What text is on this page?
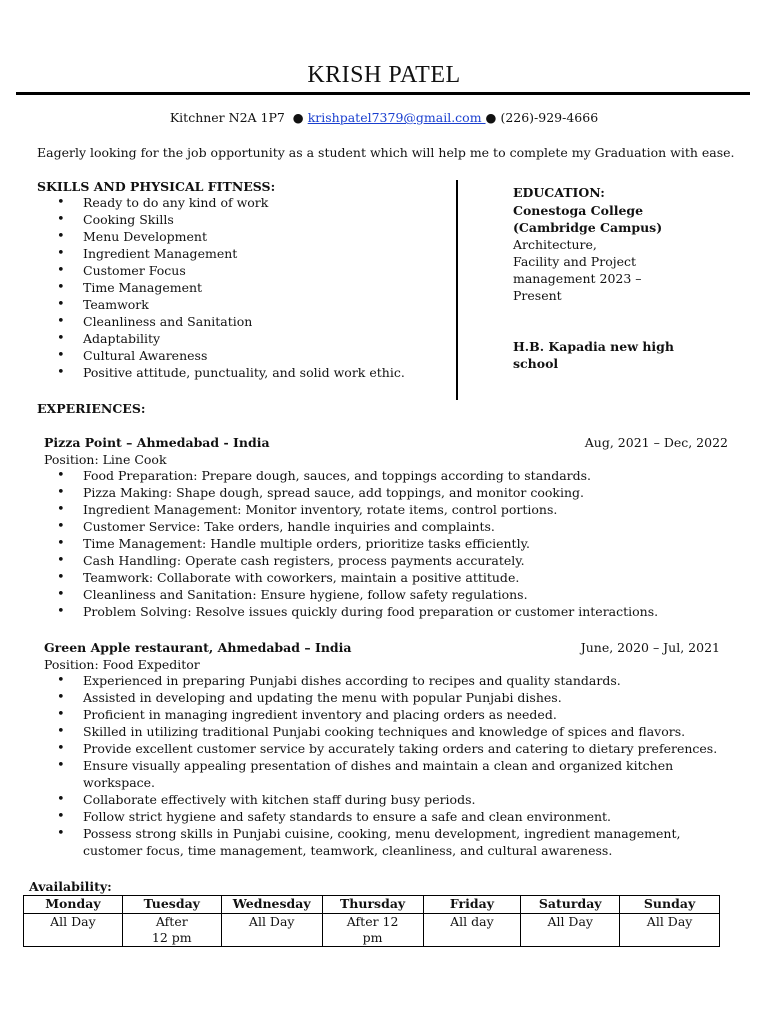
KRISH PATEL
Kitchner N2A 1P7 ● krishpatel7379@gmail.com ● (226)-929-4666
Eagerly looking for the job opportunity as a student which will help me to complete my Graduation with ease.
SKILLS AND PHYSICAL FITNESS:
• Ready to do any kind of work
• Cooking Skills
• Menu Development
• Ingredient Management
• Customer Focus
• Time Management
• Teamwork
• Cleanliness and Sanitation
• Adaptability
• Cultural Awareness
• Positive attitude, punctuality, and solid work ethic.
EDUCATION:
Conestoga College (Cambridge Campus)
Architecture,
Facility and Project
management 2023 –
Present
H.B. Kapadia new high school
EXPERIENCES:
Pizza Point – Ahmedabad - India	Aug, 2021 – Dec, 2022
Position: Line Cook
• Food Preparation: Prepare dough, sauces, and toppings according to standards.
• Pizza Making: Shape dough, spread sauce, add toppings, and monitor cooking.
• Ingredient Management: Monitor inventory, rotate items, control portions.
• Customer Service: Take orders, handle inquiries and complaints.
• Time Management: Handle multiple orders, prioritize tasks efficiently.
• Cash Handling: Operate cash registers, process payments accurately.
• Teamwork: Collaborate with coworkers, maintain a positive attitude.
• Cleanliness and Sanitation: Ensure hygiene, follow safety regulations.
• Problem Solving: Resolve issues quickly during food preparation or customer interactions.
Green Apple restaurant, Ahmedabad – India	June, 2020 – Jul, 2021
Position: Food Expeditor
• Experienced in preparing Punjabi dishes according to recipes and quality standards.
• Assisted in developing and updating the menu with popular Punjabi dishes.
• Proficient in managing ingredient inventory and placing orders as needed.
• Skilled in utilizing traditional Punjabi cooking techniques and knowledge of spices and flavors.
• Provide excellent customer service by accurately taking orders and catering to dietary preferences.
• Ensure visually appealing presentation of dishes and maintain a clean and organized kitchen workspace.
• Collaborate effectively with kitchen staff during busy periods.
• Follow strict hygiene and safety standards to ensure a safe and clean environment.
• Possess strong skills in Punjabi cuisine, cooking, menu development, ingredient management, customer focus, time management, teamwork, cleanliness, and cultural awareness.
Availability:
Monday	Tuesday	Wednesday	Thursday	Friday	Saturday	Sunday
All Day	After 12 pm	All Day	After 12 pm	All day	All Day	All Day
